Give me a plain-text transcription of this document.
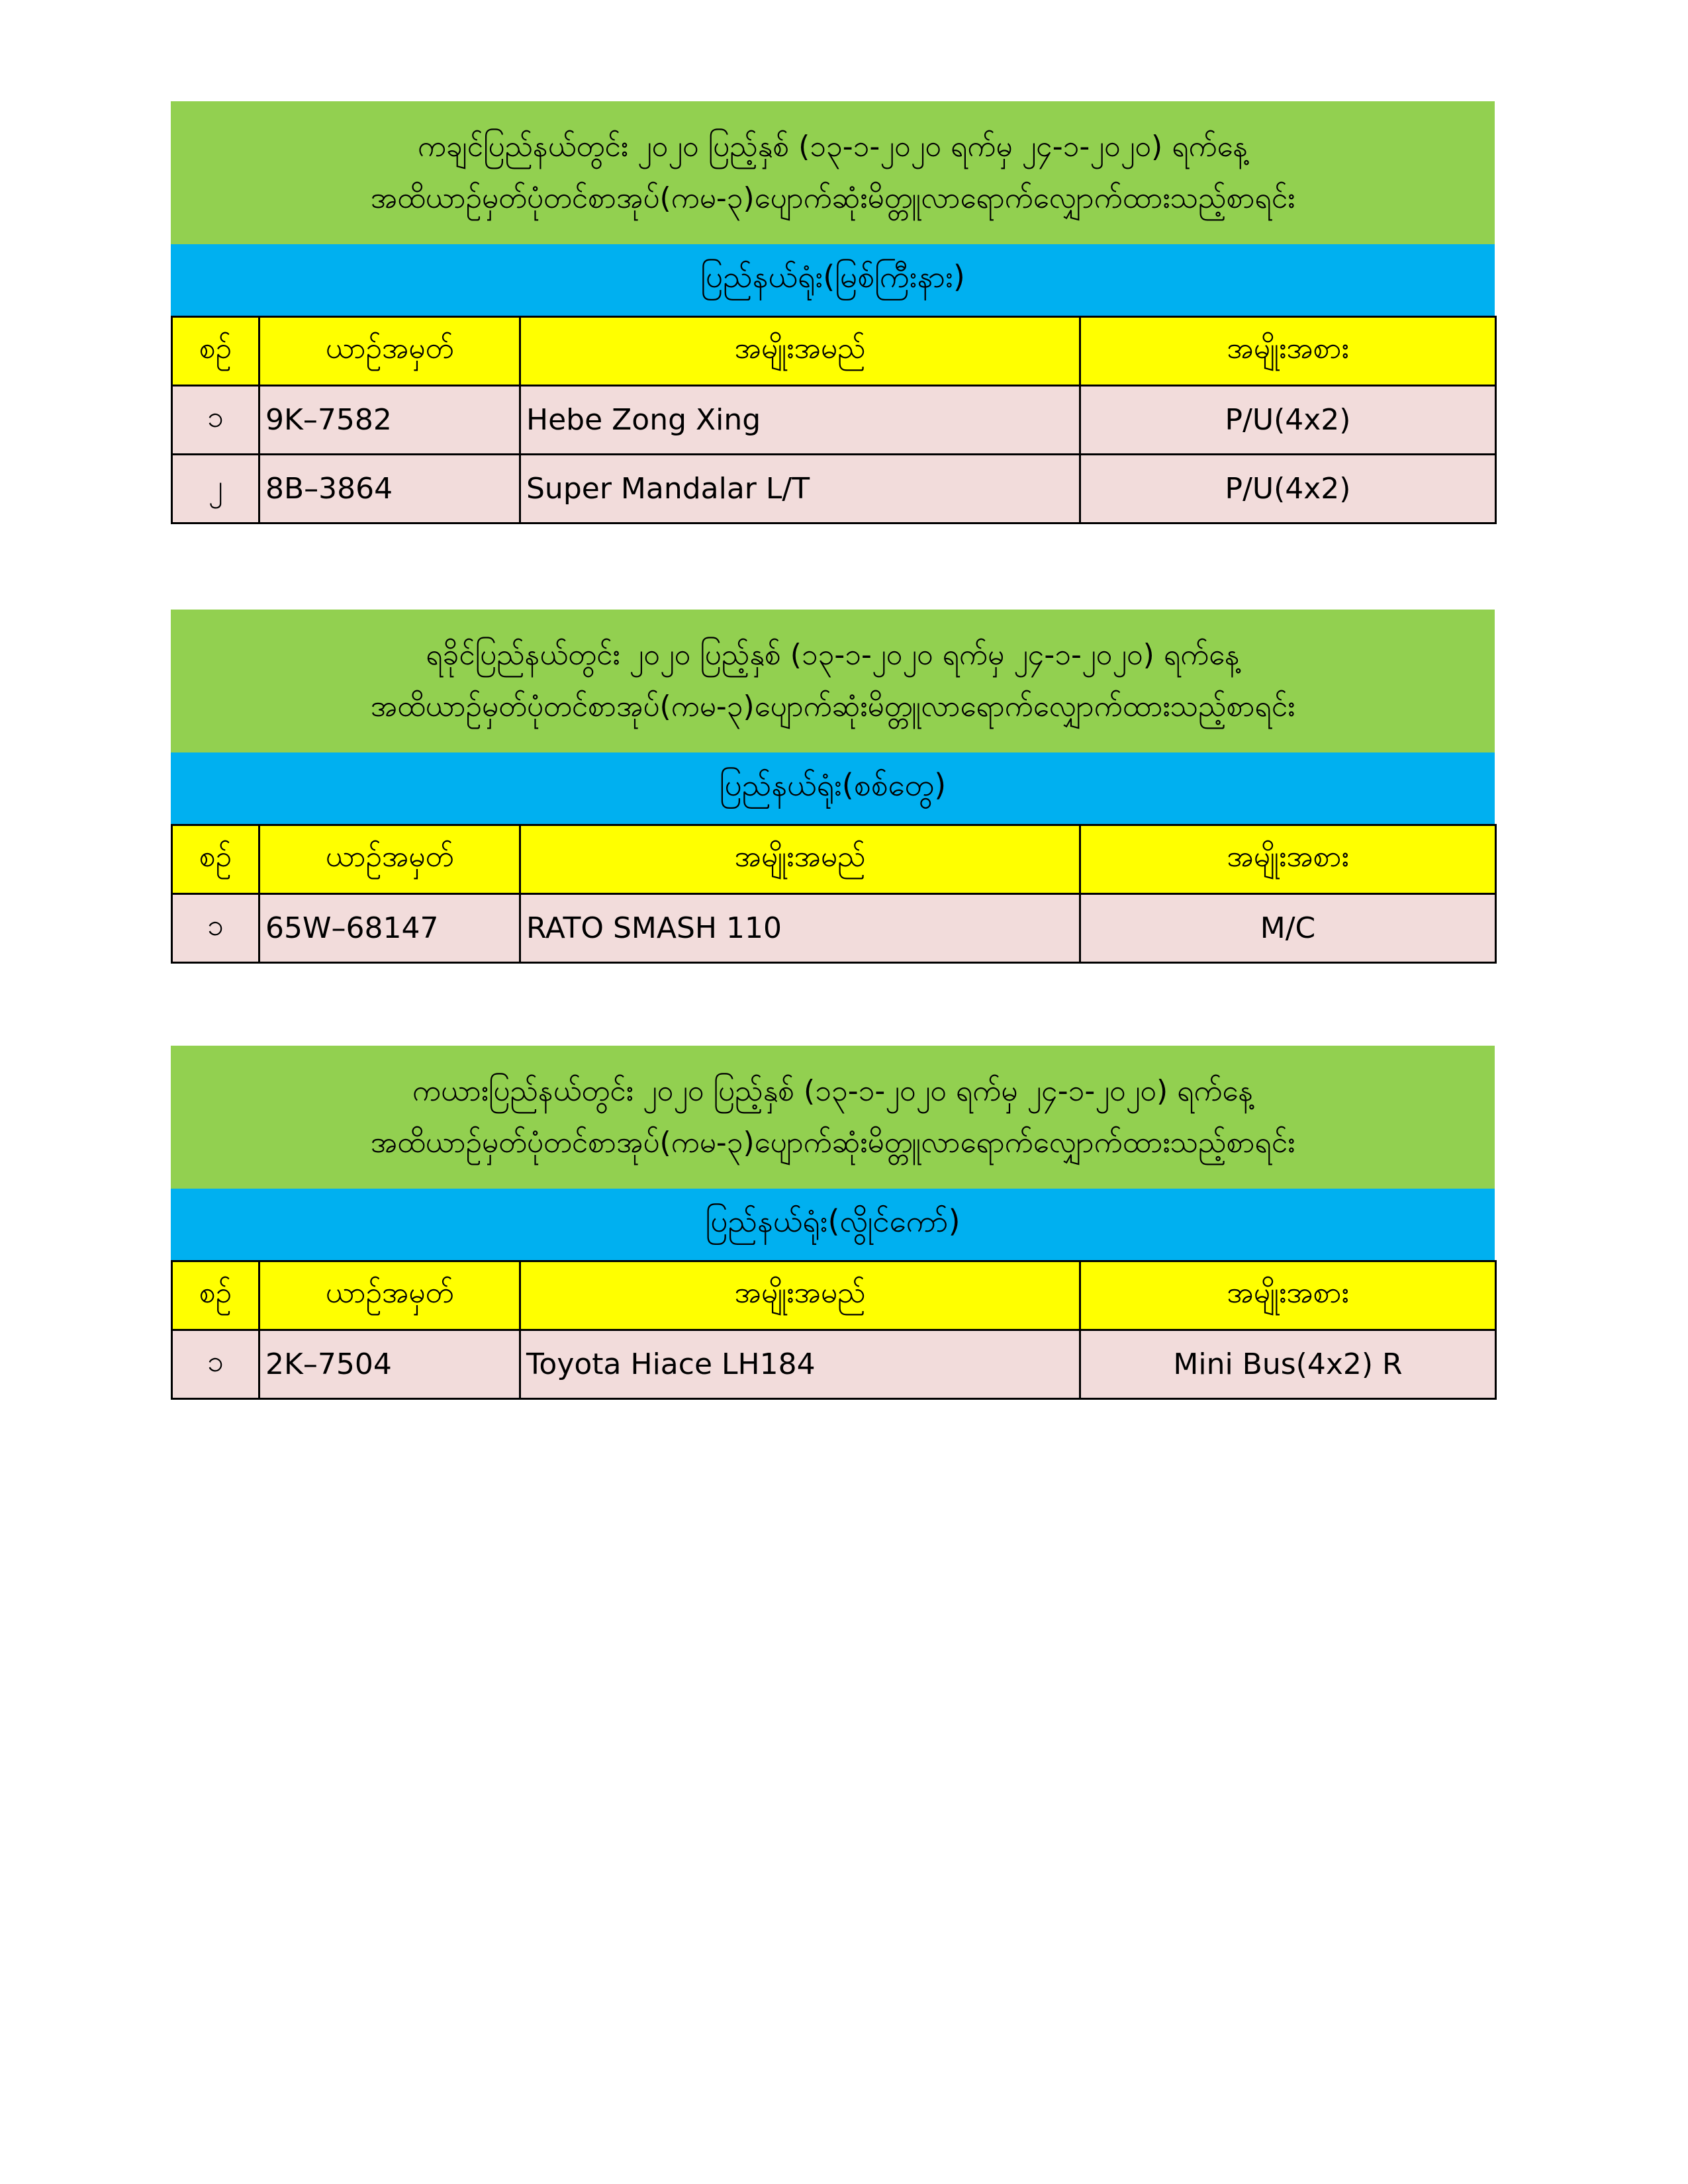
ကချင်ပြည်နယ်တွင်း ၂၀၂၀ ပြည့်နှစ် (၁၃-၁-၂၀၂၀ ရက်မှ ၂၄-၁-၂၀၂၀) ရက်နေ့
အထိယာဉ်မှတ်ပုံတင်စာအုပ်(ကမ-၃)ပျောက်ဆုံးမိတ္တူလာရောက်လျှောက်ထားသည့်စာရင်း
ပြည်နယ်ရုံး(မြစ်ကြီးနား)
စဥ်	ယာဉ်အမှတ်	အမျိုးအမည်	အမျိုးအစား
၁	9K–7582	Hebe Zong Xing	P/U(4x2)
၂	8B–3864	Super Mandalar L/T	P/U(4x2)
ရခိုင်ပြည်နယ်တွင်း ၂၀၂၀ ပြည့်နှစ် (၁၃-၁-၂၀၂၀ ရက်မှ ၂၄-၁-၂၀၂၀) ရက်နေ့
အထိယာဉ်မှတ်ပုံတင်စာအုပ်(ကမ-၃)ပျောက်ဆုံးမိတ္တူလာရောက်လျှောက်ထားသည့်စာရင်း
ပြည်နယ်ရုံး(စစ်တွေ)
စဥ်	ယာဉ်အမှတ်	အမျိုးအမည်	အမျိုးအစား
၁	65W–68147	RATO SMASH 110	M/C
ကယားပြည်နယ်တွင်း ၂၀၂၀ ပြည့်နှစ် (၁၃-၁-၂၀၂၀ ရက်မှ ၂၄-၁-၂၀၂၀) ရက်နေ့
အထိယာဉ်မှတ်ပုံတင်စာအုပ်(ကမ-၃)ပျောက်ဆုံးမိတ္တူလာရောက်လျှောက်ထားသည့်စာရင်း
ပြည်နယ်ရုံး(လွိုင်ကော်)
စဥ်	ယာဉ်အမှတ်	အမျိုးအမည်	အမျိုးအစား
၁	2K–7504	Toyota Hiace LH184	Mini Bus(4x2) R
